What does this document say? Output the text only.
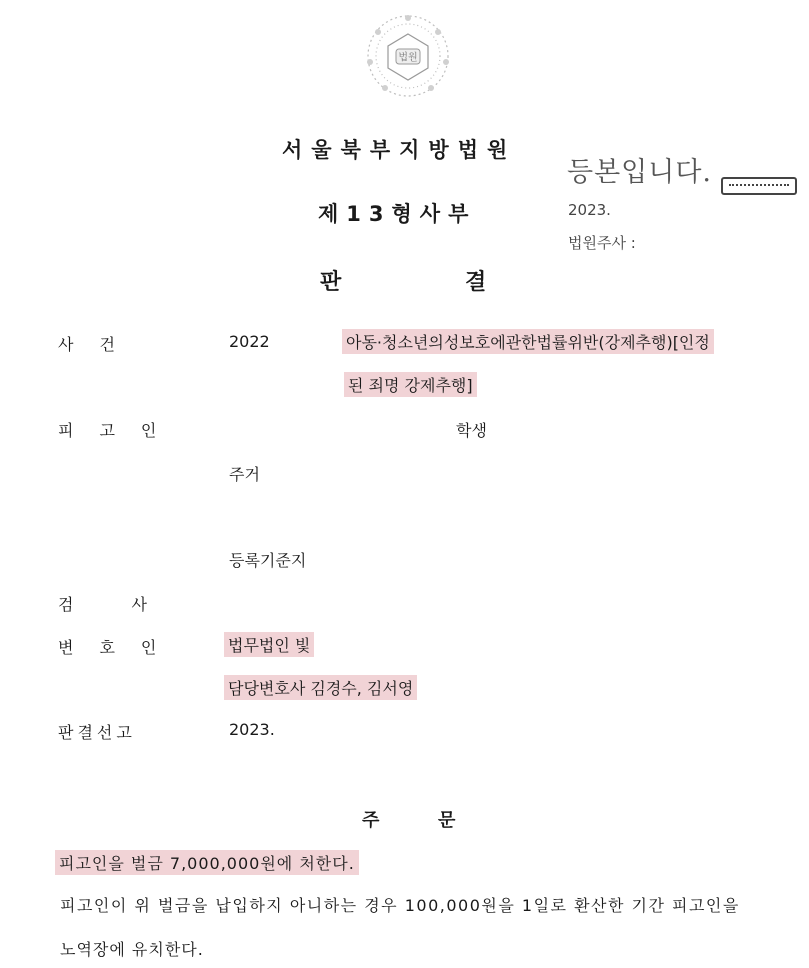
법원
서울북부지방법원
제13형사부
판	결
등본입니다.
2023.
법원주사 :
사건	2022	아동·청소년의성보호에관한법률위반(강제추행)[인정
된 죄명 강제추행]
피고인	학생
주거
등록기준지
검사
변호인	법무법인 빛
담당변호사 김경수, 김서영
판결선고	2023.
주	문
피고인을 벌금 7,000,000원에 처한다.
피고인이 위 벌금을 납입하지 아니하는 경우 100,000원을 1일로 환산한 기간 피고인을
노역장에 유치한다.
